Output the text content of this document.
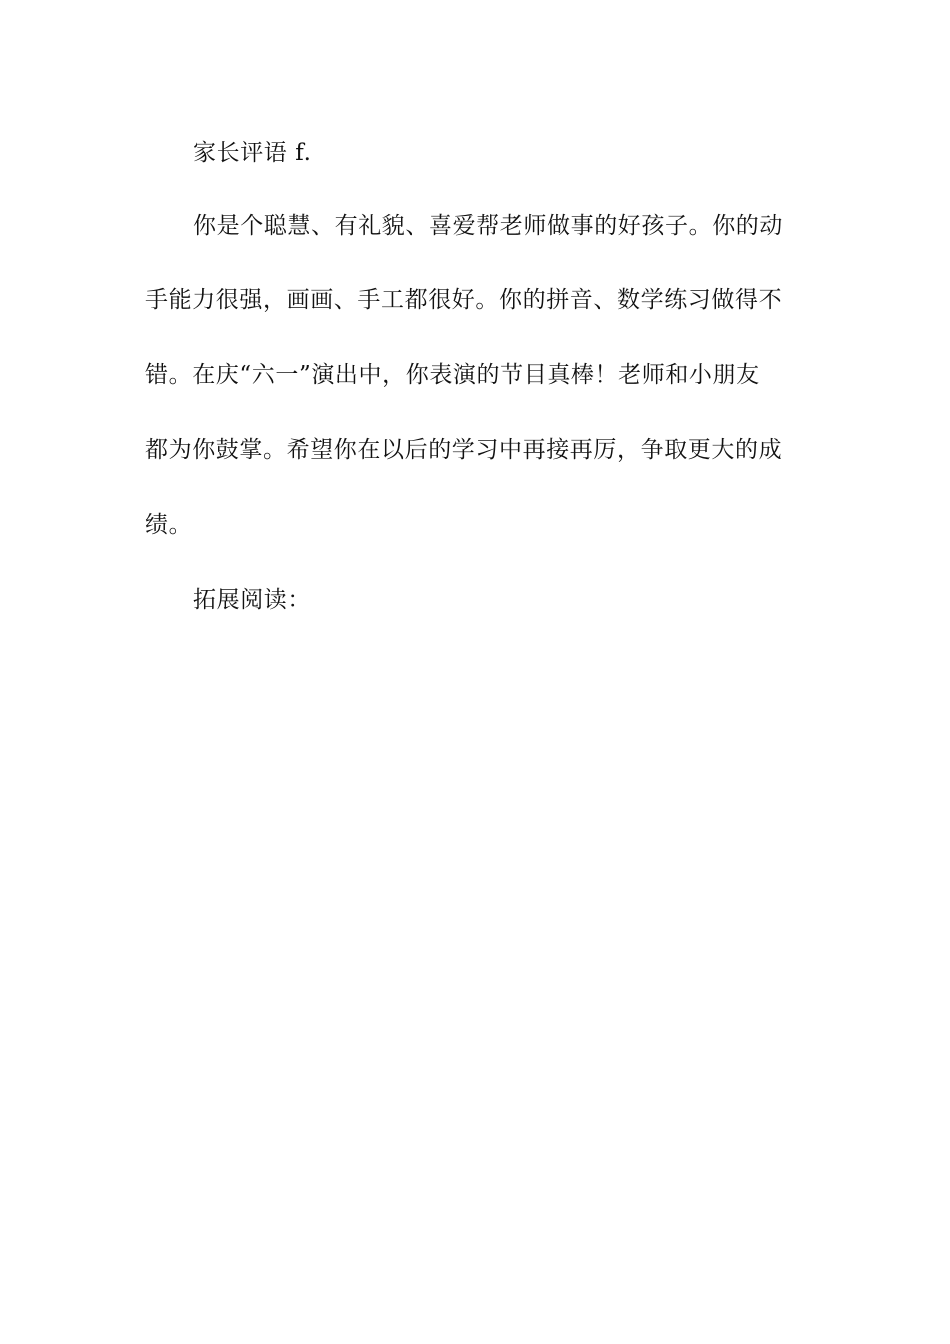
家长评语 f.
你是个聪慧、有礼貌、喜爱帮老师做事的好孩子。你的动
手能力很强，画画、手工都很好。你的拼音、数学练习做得不
错。在庆“六一”演出中，你表演的节目真棒！老师和小朋友
都为你鼓掌。希望你在以后的学习中再接再厉，争取更大的成
绩。
拓展阅读：
